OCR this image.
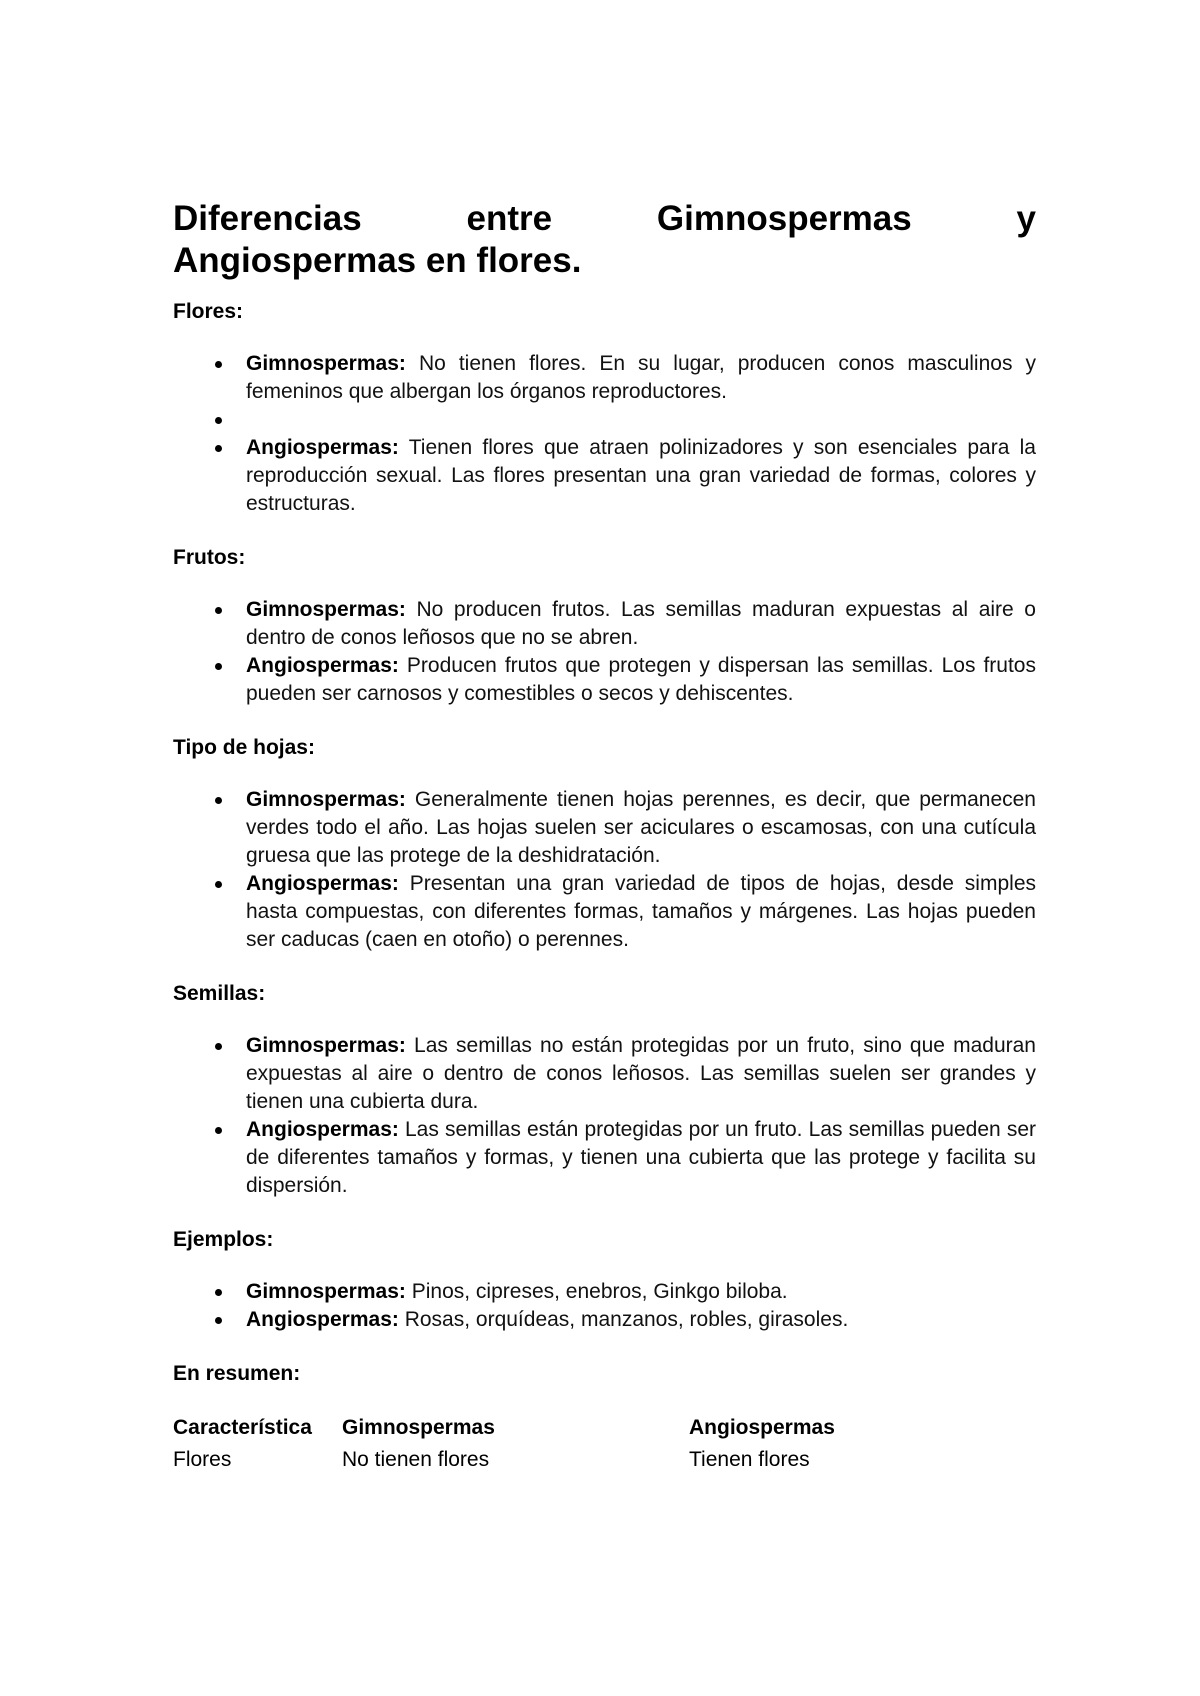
Diferencias	entre	Gimnospermas	y
Angiospermas en flores.

Flores:

Gimnospermas: No tienen flores. En su lugar, producen conos masculinos y femeninos que albergan los órganos reproductores.
Angiospermas: Tienen flores que atraen polinizadores y son esenciales para la reproducción sexual. Las flores presentan una gran variedad de formas, colores y estructuras.

Frutos:

Gimnospermas: No producen frutos. Las semillas maduran expuestas al aire o dentro de conos leñosos que no se abren.
Angiospermas: Producen frutos que protegen y dispersan las semillas. Los frutos pueden ser carnosos y comestibles o secos y dehiscentes.

Tipo de hojas:

Gimnospermas: Generalmente tienen hojas perennes, es decir, que permanecen verdes todo el año. Las hojas suelen ser aciculares o escamosas, con una cutícula gruesa que las protege de la deshidratación.
Angiospermas: Presentan una gran variedad de tipos de hojas, desde simples hasta compuestas, con diferentes formas, tamaños y márgenes. Las hojas pueden ser caducas (caen en otoño) o perennes.

Semillas:

Gimnospermas: Las semillas no están protegidas por un fruto, sino que maduran expuestas al aire o dentro de conos leñosos. Las semillas suelen ser grandes y tienen una cubierta dura.
Angiospermas: Las semillas están protegidas por un fruto. Las semillas pueden ser de diferentes tamaños y formas, y tienen una cubierta que las protege y facilita su dispersión.

Ejemplos:

Gimnospermas: Pinos, cipreses, enebros, Ginkgo biloba.
Angiospermas: Rosas, orquídeas, manzanos, robles, girasoles.

En resumen:

Característica	Gimnospermas	Angiospermas
Flores	No tienen flores	Tienen flores
